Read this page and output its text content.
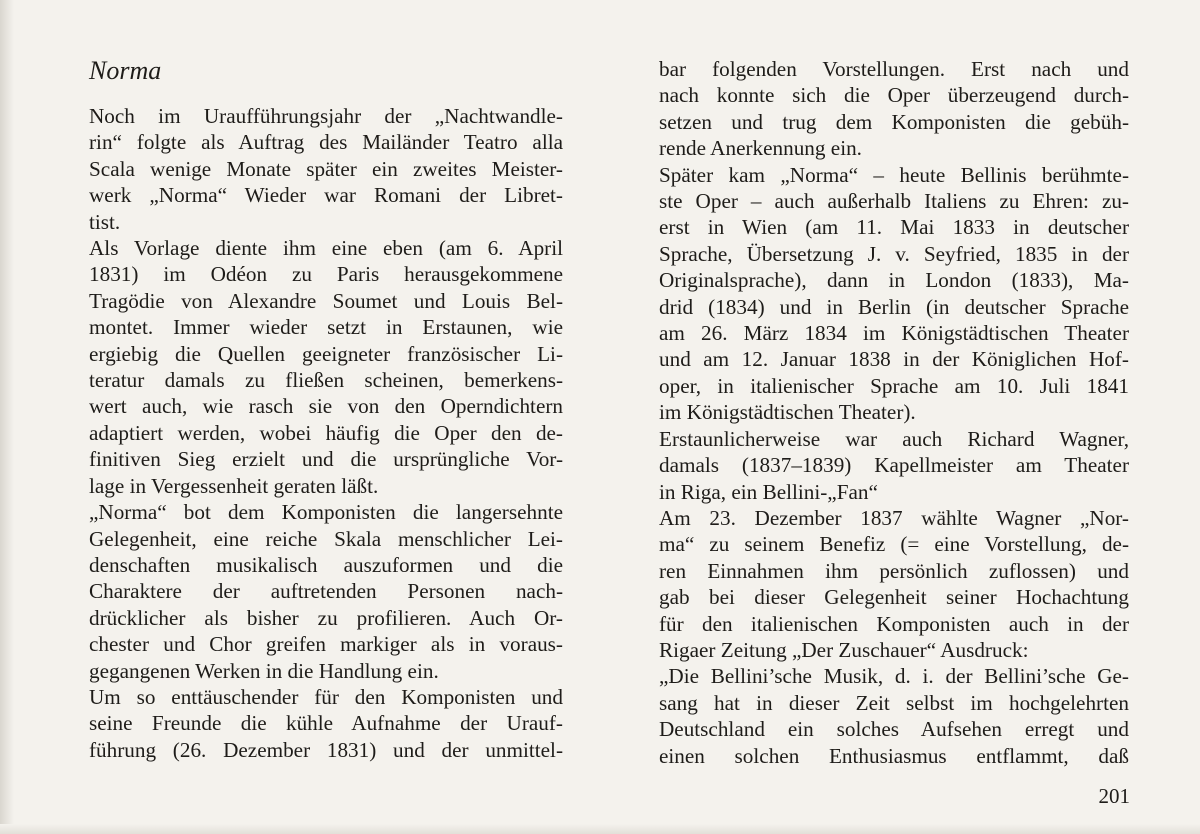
Norma
Noch im Uraufführungsjahr der „Nachtwandle-
rin“ folgte als Auftrag des Mailänder Teatro alla
Scala wenige Monate später ein zweites Meister-
werk „Norma“ Wieder war Romani der Libret-
tist.
Als Vorlage diente ihm eine eben (am 6. April
1831) im Odéon zu Paris herausgekommene
Tragödie von Alexandre Soumet und Louis Bel-
montet. Immer wieder setzt in Erstaunen, wie
ergiebig die Quellen geeigneter französischer Li-
teratur damals zu fließen scheinen, bemerkens-
wert auch, wie rasch sie von den Operndichtern
adaptiert werden, wobei häufig die Oper den de-
finitiven Sieg erzielt und die ursprüngliche Vor-
lage in Vergessenheit geraten läßt.
„Norma“ bot dem Komponisten die langersehnte
Gelegenheit, eine reiche Skala menschlicher Lei-
denschaften musikalisch auszuformen und die
Charaktere der auftretenden Personen nach-
drücklicher als bisher zu profilieren. Auch Or-
chester und Chor greifen markiger als in voraus-
gegangenen Werken in die Handlung ein.
Um so enttäuschender für den Komponisten und
seine Freunde die kühle Aufnahme der Urauf-
führung (26. Dezember 1831) und der unmittel-
bar folgenden Vorstellungen. Erst nach und
nach konnte sich die Oper überzeugend durch-
setzen und trug dem Komponisten die gebüh-
rende Anerkennung ein.
Später kam „Norma“ – heute Bellinis berühmte-
ste Oper – auch außerhalb Italiens zu Ehren: zu-
erst in Wien (am 11. Mai 1833 in deutscher
Sprache, Übersetzung J. v. Seyfried, 1835 in der
Originalsprache), dann in London (1833), Ma-
drid (1834) und in Berlin (in deutscher Sprache
am 26. März 1834 im Königstädtischen Theater
und am 12. Januar 1838 in der Königlichen Hof-
oper, in italienischer Sprache am 10. Juli 1841
im Königstädtischen Theater).
Erstaunlicherweise war auch Richard Wagner,
damals (1837–1839) Kapellmeister am Theater
in Riga, ein Bellini-„Fan“
Am 23. Dezember 1837 wählte Wagner „Nor-
ma“ zu seinem Benefiz (= eine Vorstellung, de-
ren Einnahmen ihm persönlich zuflossen) und
gab bei dieser Gelegenheit seiner Hochachtung
für den italienischen Komponisten auch in der
Rigaer Zeitung „Der Zuschauer“ Ausdruck:
„Die Bellini’sche Musik, d. i. der Bellini’sche Ge-
sang hat in dieser Zeit selbst im hochgelehrten
Deutschland ein solches Aufsehen erregt und
einen solchen Enthusiasmus entflammt, daß
201
